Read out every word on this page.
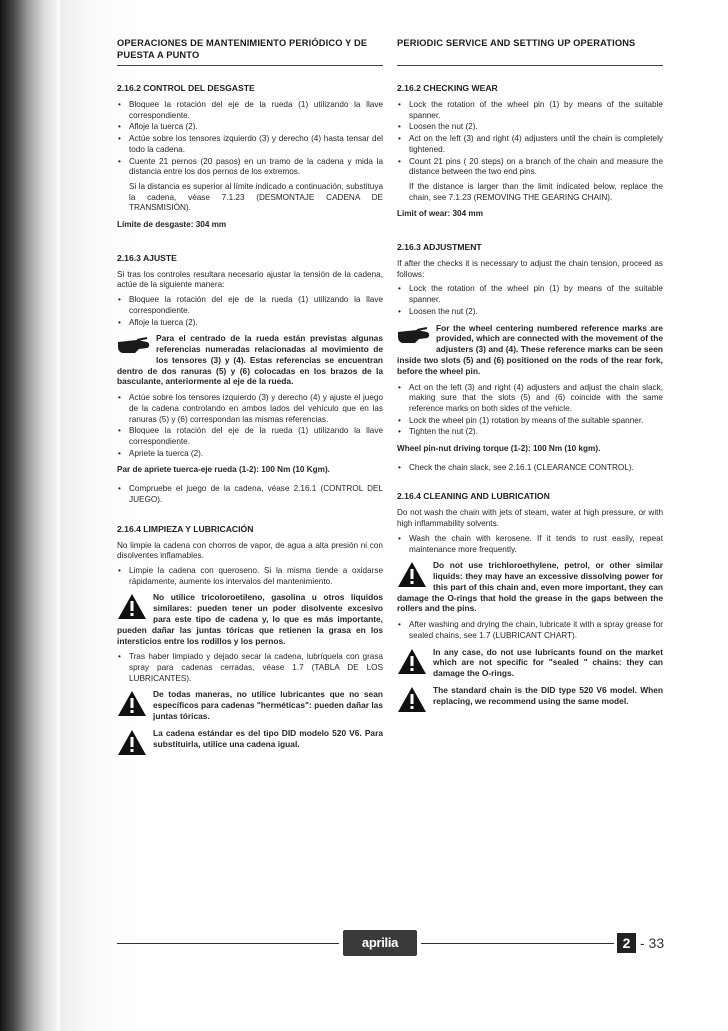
OPERACIONES DE MANTENIMIENTO PERIÓDICO Y DE PUESTA A PUNTO
2.16.2 CONTROL DEL DESGASTE
• Bloquee la rotación del eje de la rueda (1) utilizando la llave correspondiente.
• Afloje la tuerca (2).
• Actúe sobre los tensores izquierdo (3) y derecho (4) hasta tensar del todo la cadena.
• Cuente 21 pernos (20 pasos) en un tramo de la cadena y mida la distancia entre los dos pernos de los extremos.
Si la distancia es superior al límite indicado a continuación, substituya la cadena, véase 7.1.23 (DESMONTAJE CADENA DE TRANSMISIÓN).
Límite de desgaste: 304 mm
2.16.3 AJUSTE

Si tras los controles resultara necesario ajustar la tensión de la cadena, actúe de la siguiente manera:

• Bloquee la rotación del eje de la rueda (1) utilizando la llave correspondiente.
• Afloje la tuerca (2).
Para el centrado de la rueda están previstas algunas referencias numeradas relacionadas al movimiento de los tensores (3) y (4). Estas referencias se encuentran dentro de dos ranuras (5) y (6) colocadas en los brazos de la basculante, anteriormente al eje de la rueda.
• Actúe sobre los tensores izquierdo (3) y derecho (4) y ajuste el juego de la cadena controlando en ambos lados del vehículo que en las ranuras (5) y (6) correspondan las mismas referencias.
• Bloquee la rotación del eje de la rueda (1) utilizando la llave correspondiente.
• Apriete la tuerca (2).
Par de apriete tuerca-eje rueda (1-2): 100 Nm (10 Kgm).
• Compruebe el juego de la cadena, véase 2.16.1 (CONTROL DEL JUEGO).
2.16.4 LIMPIEZA Y LUBRICACIÓN

No limpie la cadena con chorros de vapor, de agua a alta presión ni con disolventes inflamables.

• Limpie la cadena con queroseno. Si la misma tiende a oxidarse rápidamente, aumente los intervalos del mantenimiento.
No utilice tricoloroetileno, gasolina u otros líquidos similares: pueden tener un poder disolvente excesivo para este tipo de cadena y, lo que es más importante, pueden dañar las juntas tóricas que retienen la grasa en los intersticios entre los rodillos y los pernos.
• Tras haber limpiado y dejado secar la cadena, lubríquela con grasa spray para cadenas cerradas, véase 1.7 (TABLA DE LOS LUBRICANTES).
De todas maneras, no utilice lubricantes que no sean específicos para cadenas "herméticas": pueden dañar las juntas tóricas.
La cadena estándar es del tipo DID modelo 520 V6. Para substituirla, utilice una cadena igual.
PERIODIC SERVICE AND SETTING UP OPERATIONS
2.16.2 CHECKING WEAR
• Lock the rotation of the wheel pin (1) by means of the suitable spanner.
• Loosen the nut (2).
• Act on the left (3) and right (4) adjusters until the chain is completely tightened.
• Count 21 pins ( 20 steps) on a branch of the chain and measure the distance between the two end pins.
If the distance is larger than the limit indicated below, replace the chain, see 7.1.23 (REMOVING THE GEARING CHAIN).
Limit of wear: 304 mm
2.16.3 ADJUSTMENT

If after the checks it is necessary to adjust the chain tension, proceed as follows:

• Lock the rotation of the wheel pin (1) by means of the suitable spanner.
• Loosen the nut (2).
For the wheel centering numbered reference marks are provided, which are connected with the movement of the adjusters (3) and (4). These reference marks can be seen inside two slots (5) and (6) positioned on the rods of the rear fork, before the wheel pin.
• Act on the left (3) and right (4) adjusters and adjust the chain slack, making sure that the slots (5) and (6) coincide with the same reference marks on both sides of the vehicle.
• Lock the wheel pin (1) rotation by means of the suitable spanner.
• Tighten the nut (2).
Wheel pin-nut driving torque (1-2): 100 Nm (10 kgm).
• Check the chain slack, see 2.16.1 (CLEARANCE CONTROL).
2.16.4 CLEANING AND LUBRICATION

Do not wash the chain with jets of steam, water at high pressure, or with high inflammability solvents.

• Wash the chain with kerosene. If it tends to rust easily, repeat maintenance more frequently.
Do not use trichloroethylene, petrol, or other similar liquids: they may have an excessive dissolving power for this part of this chain and, even more important, they can damage the O-rings that hold the grease in the gaps between the rollers and the pins.
• After washing and drying the chain, lubricate it with a spray grease for sealed chains, see 1.7 (LUBRICANT CHART).
In any case, do not use lubricants found on the market which are not specific for "sealed " chains: they can damage the O-rings.
The standard chain is the DID type 520 V6 model. When replacing, we recommend using the same model.
aprilia	2 - 33
